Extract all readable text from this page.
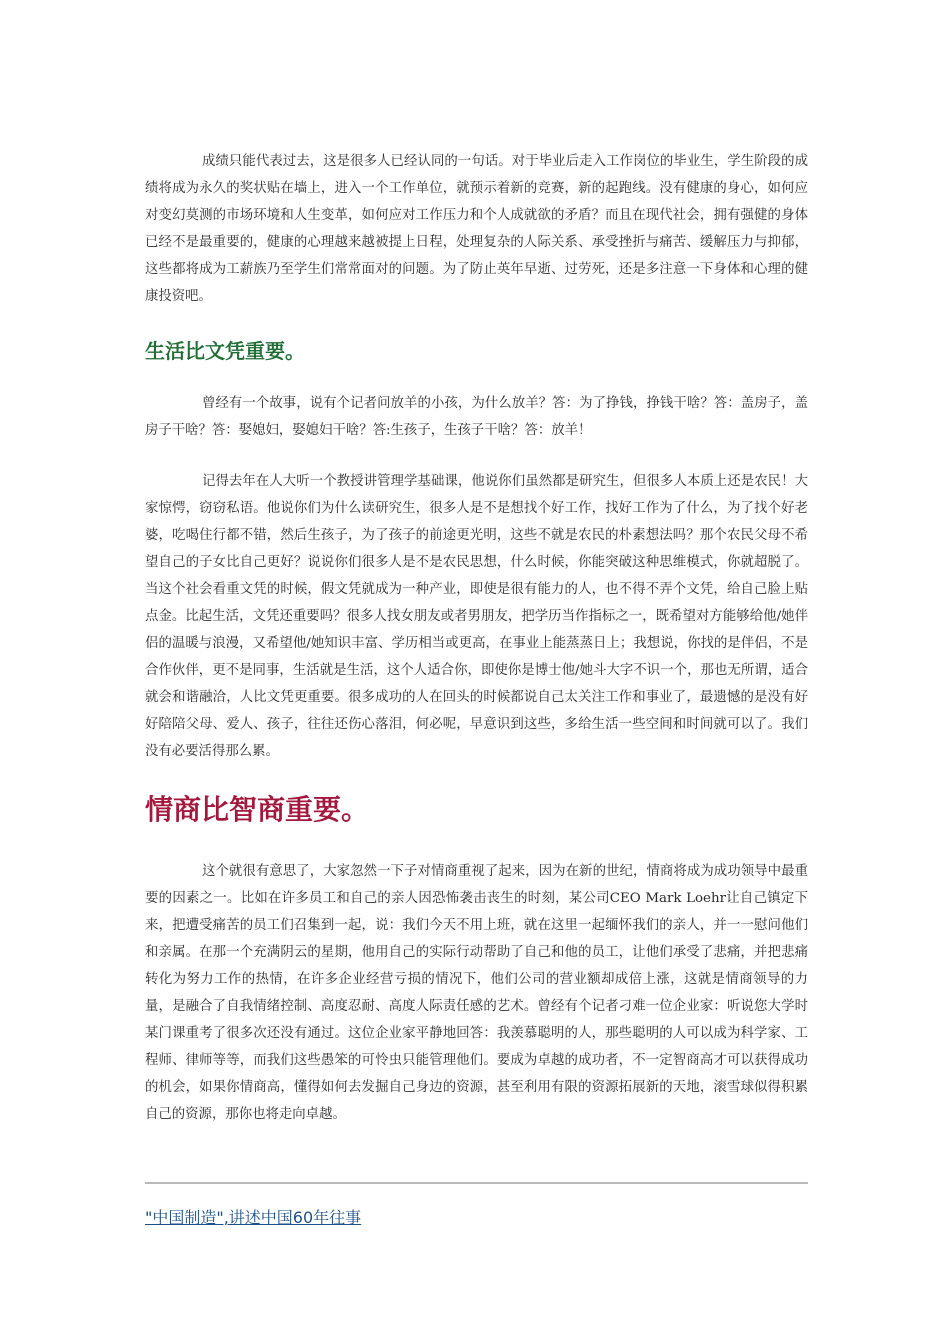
成绩只能代表过去，这是很多人已经认同的一句话。对于毕业后走入工作岗位的毕业生，学生阶段的成绩将成为永久的奖状贴在墙上，进入一个工作单位，就预示着新的竞赛，新的起跑线。没有健康的身心，如何应对变幻莫测的市场环境和人生变革，如何应对工作压力和个人成就欲的矛盾？而且在现代社会，拥有强健的身体已经不是最重要的，健康的心理越来越被提上日程，处理复杂的人际关系、承受挫折与痛苦、缓解压力与抑郁，这些都将成为工薪族乃至学生们常常面对的问题。为了防止英年早逝、过劳死，还是多注意一下身体和心理的健康投资吧。

生活比文凭重要。

曾经有一个故事，说有个记者问放羊的小孩，为什么放羊？答：为了挣钱，挣钱干啥？答：盖房子，盖房子干啥？答：娶媳妇，娶媳妇干啥？答:生孩子，生孩子干啥？答：放羊！

记得去年在人大听一个教授讲管理学基础课，他说你们虽然都是研究生，但很多人本质上还是农民！大家惊愕，窃窃私语。他说你们为什么读研究生，很多人是不是想找个好工作，找好工作为了什么，为了找个好老婆，吃喝住行都不错，然后生孩子，为了孩子的前途更光明，这些不就是农民的朴素想法吗？那个农民父母不希望自己的子女比自己更好？说说你们很多人是不是农民思想，什么时候，你能突破这种思维模式，你就超脱了。当这个社会看重文凭的时候，假文凭就成为一种产业，即使是很有能力的人，也不得不弄个文凭，给自己脸上贴点金。比起生活，文凭还重要吗？很多人找女朋友或者男朋友，把学历当作指标之一，既希望对方能够给他/她伴侣的温暖与浪漫，又希望他/她知识丰富、学历相当或更高，在事业上能蒸蒸日上；我想说，你找的是伴侣，不是合作伙伴，更不是同事，生活就是生活，这个人适合你，即使你是博士他/她斗大字不识一个，那也无所谓，适合就会和谐融洽，人比文凭更重要。很多成功的人在回头的时候都说自己太关注工作和事业了，最遗憾的是没有好好陪陪父母、爱人、孩子，往往还伤心落泪，何必呢，早意识到这些，多给生活一些空间和时间就可以了。我们没有必要活得那么累。

情商比智商重要。

这个就很有意思了，大家忽然一下子对情商重视了起来，因为在新的世纪，情商将成为成功领导中最重要的因素之一。比如在许多员工和自己的亲人因恐怖袭击丧生的时刻，某公司CEO Mark Loehr让自己镇定下来，把遭受痛苦的员工们召集到一起，说：我们今天不用上班，就在这里一起缅怀我们的亲人，并一一慰问他们和亲属。在那一个充满阴云的星期，他用自己的实际行动帮助了自己和他的员工，让他们承受了悲痛，并把悲痛转化为努力工作的热情，在许多企业经营亏损的情况下，他们公司的营业额却成倍上涨，这就是情商领导的力量，是融合了自我情绪控制、高度忍耐、高度人际责任感的艺术。曾经有个记者刁难一位企业家：听说您大学时某门课重考了很多次还没有通过。这位企业家平静地回答：我羡慕聪明的人，那些聪明的人可以成为科学家、工程师、律师等等，而我们这些愚笨的可怜虫只能管理他们。要成为卓越的成功者，不一定智商高才可以获得成功的机会，如果你情商高，懂得如何去发掘自己身边的资源，甚至利用有限的资源拓展新的天地，滚雪球似得积累自己的资源，那你也将走向卓越。

"中国制造",讲述中国60年往事
